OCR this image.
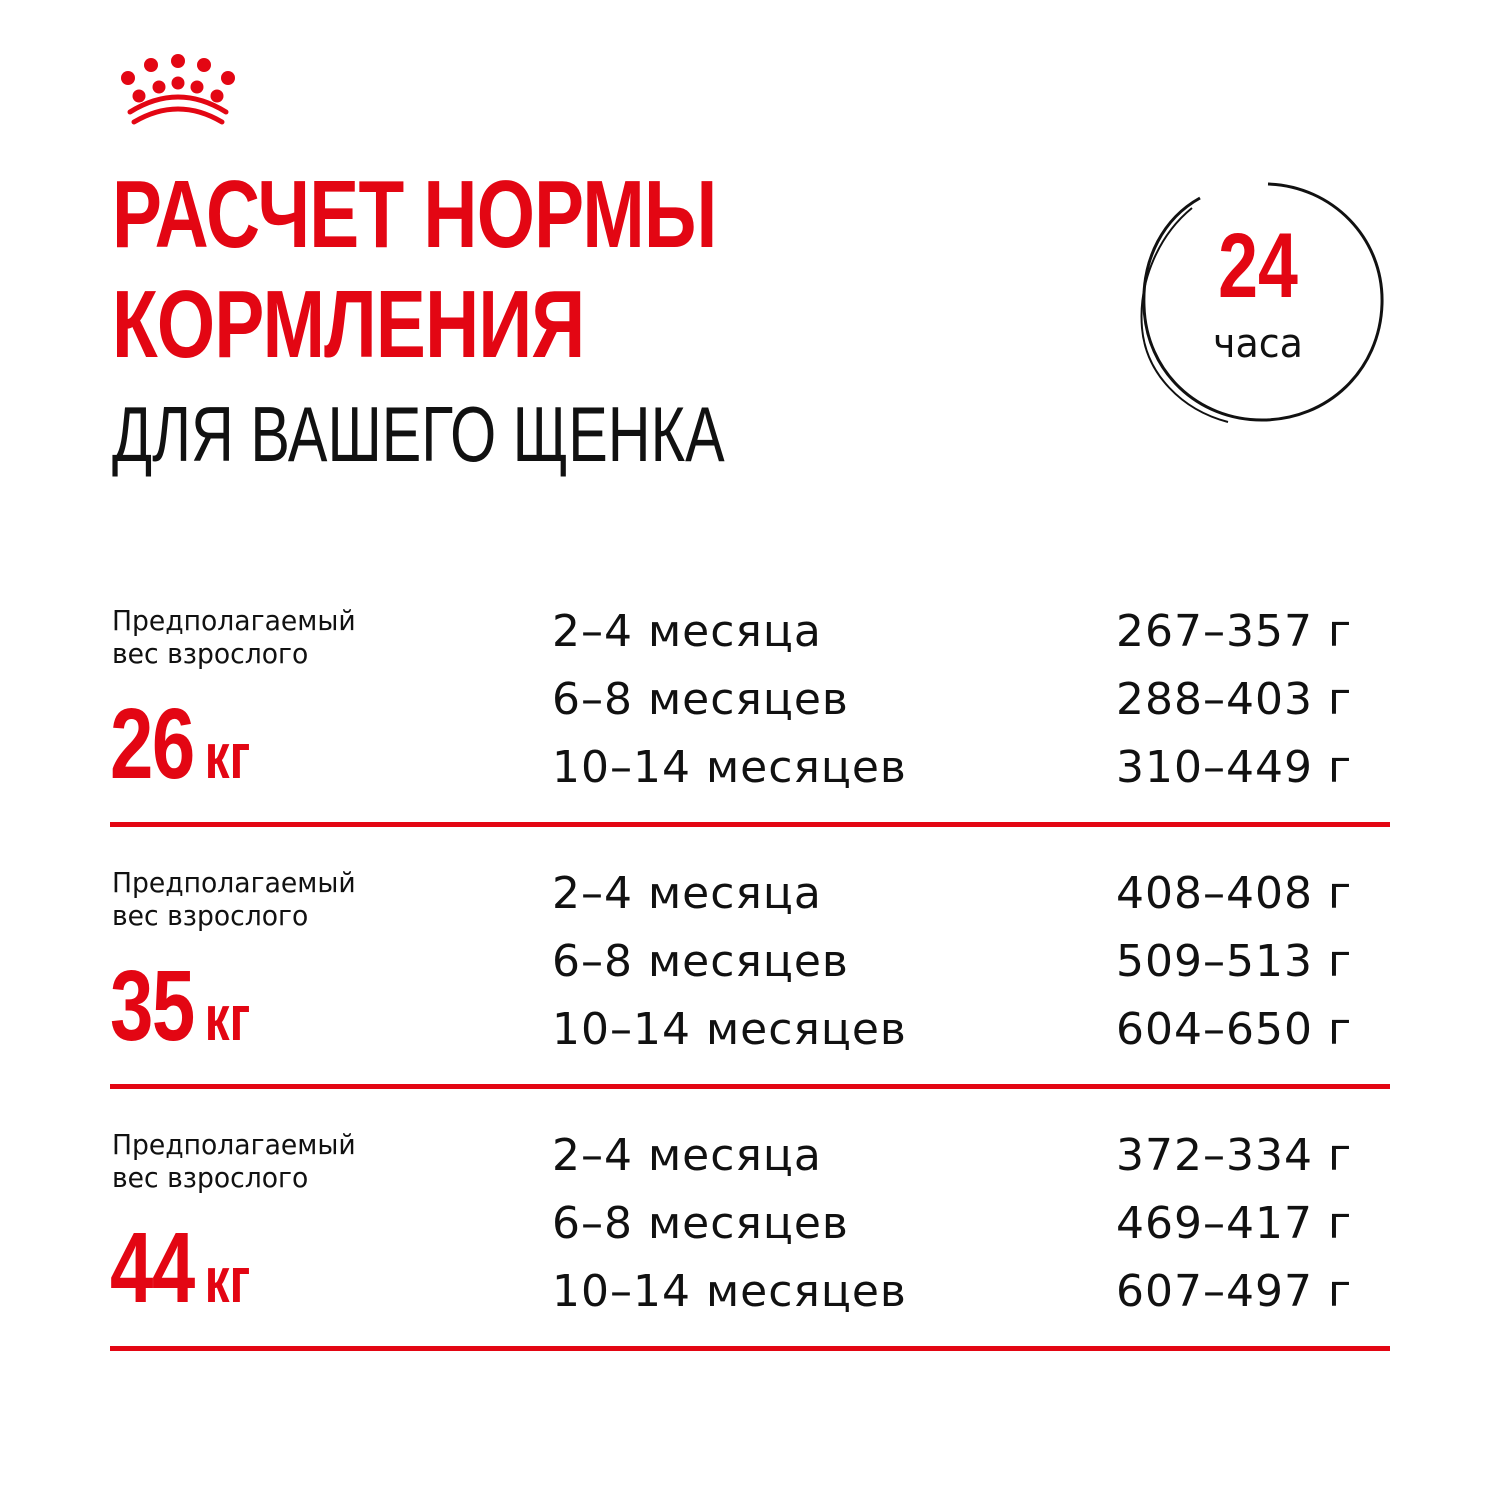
РАСЧЕТ НОРМЫ
КОРМЛЕНИЯ
ДЛЯ ВАШЕГО ЩЕНКА
24
часа
Предполагаемый
вес взрослого
26 кг
2–4 месяца	267–357 г
6–8 месяцев	288–403 г
10–14 месяцев	310–449 г
Предполагаемый
вес взрослого
35 кг
2–4 месяца	408–408 г
6–8 месяцев	509–513 г
10–14 месяцев	604–650 г
Предполагаемый
вес взрослого
44 кг
2–4 месяца	372–334 г
6–8 месяцев	469–417 г
10–14 месяцев	607–497 г
